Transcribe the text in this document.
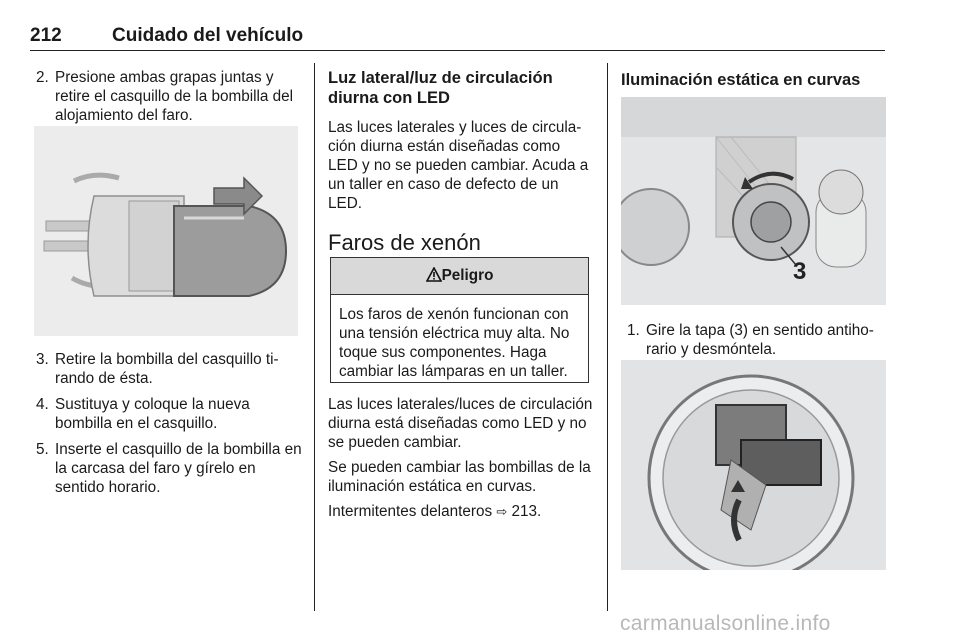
212	Cuidado del vehículo
2. Presione ambas grapas juntas y retire el casquillo de la bombilla del alojamiento del faro.
3. Retire la bombilla del casquillo tirando de ésta.
4. Sustituya y coloque la nueva bombilla en el casquillo.
5. Inserte el casquillo de la bombilla en la carcasa del faro y gírelo en sentido horario.
Luz lateral/luz de circulación diurna con LED

Las luces laterales y luces de circulación diurna están diseñadas como LED y no se pueden cambiar. Acuda a un taller en caso de defecto de un LED.

Faros de xenón
Peligro
Los faros de xenón funcionan con una tensión eléctrica muy alta. No toque sus componentes. Haga cambiar las lámparas en un taller.

Las luces laterales/luces de circulación diurna está diseñadas como LED y no se pueden cambiar.

Se pueden cambiar las bombillas de la iluminación estática en curvas.

Intermitentes delanteros ⇨ 213.

Iluminación estática en curvas
3
1. Gire la tapa (3) en sentido antihorario y desmóntela.
carmanualsonline.info
